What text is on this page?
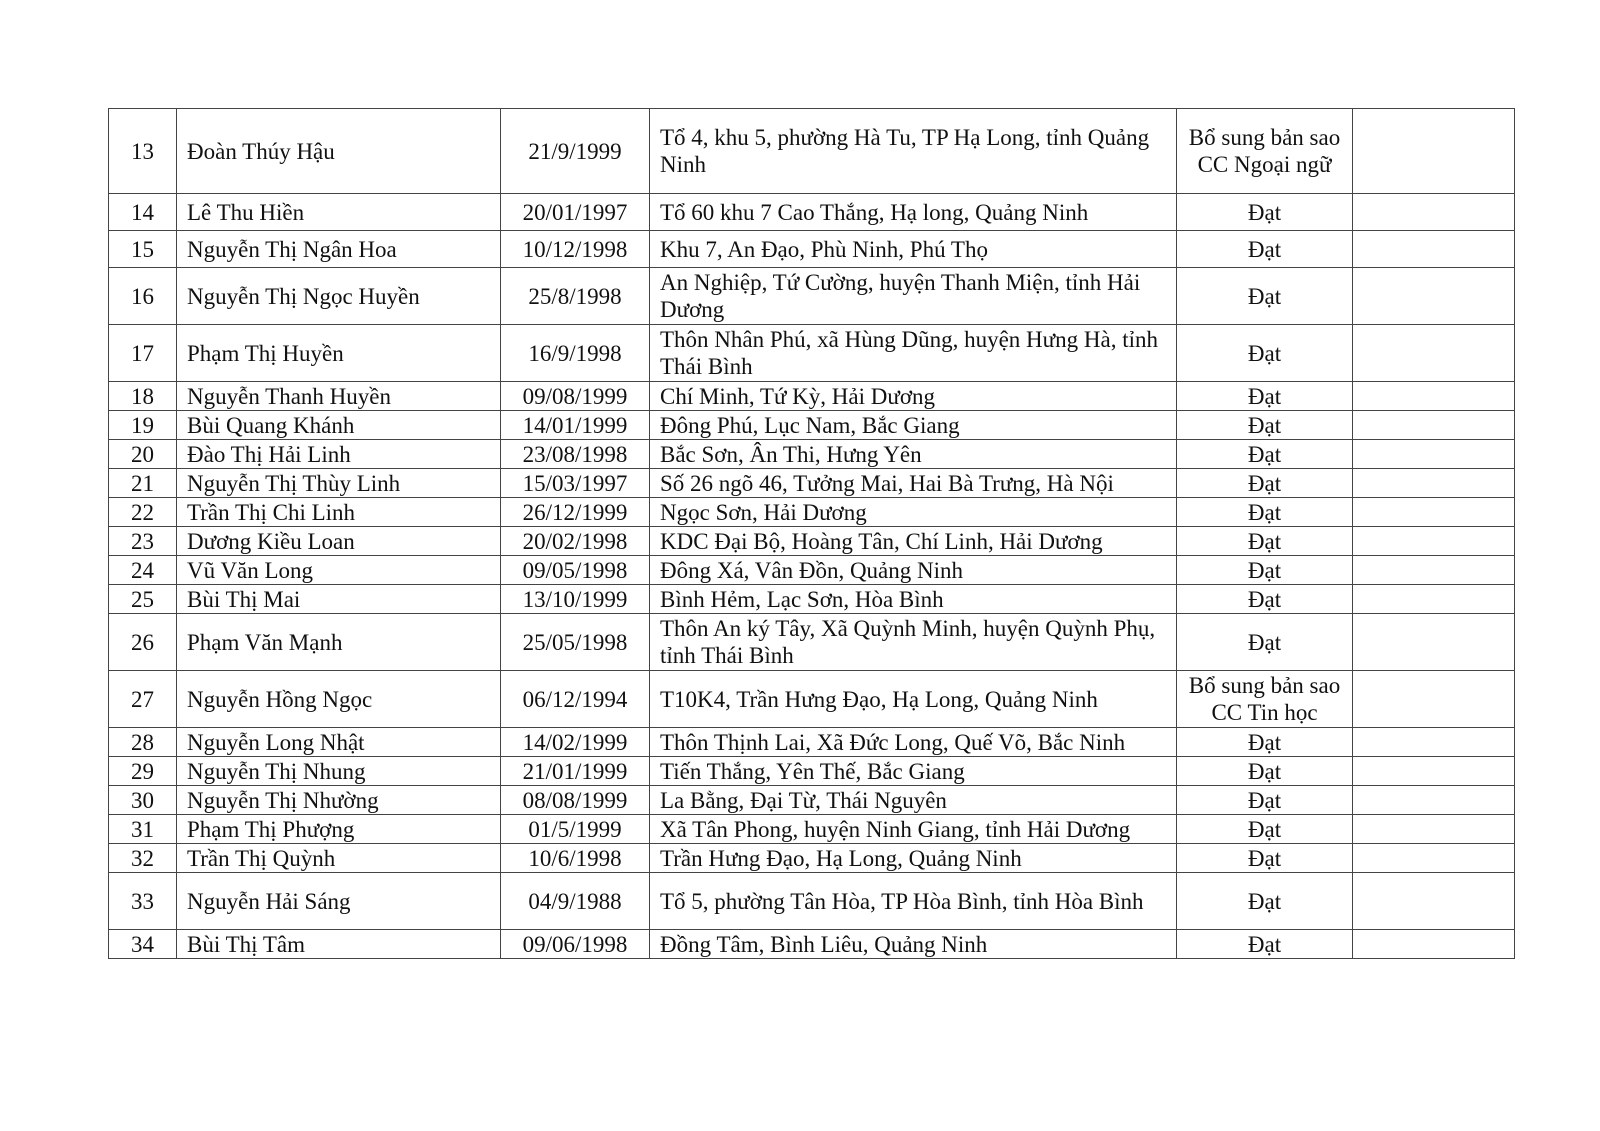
13	Đoàn Thúy Hậu	21/9/1999	Tổ 4, khu 5, phường Hà Tu, TP Hạ Long, tỉnh Quảng Ninh	Bổ sung bản sao CC Ngoại ngữ	
14	Lê Thu Hiền	20/01/1997	Tổ 60 khu 7 Cao Thắng, Hạ long, Quảng Ninh	Đạt	
15	Nguyễn Thị Ngân Hoa	10/12/1998	Khu 7, An Đạo, Phù Ninh, Phú Thọ	Đạt	
16	Nguyễn Thị Ngọc Huyền	25/8/1998	An Nghiệp, Tứ Cường, huyện Thanh Miện, tỉnh Hải Dương	Đạt	
17	Phạm Thị Huyền	16/9/1998	Thôn Nhân Phú, xã Hùng Dũng, huyện Hưng Hà, tỉnh Thái Bình	Đạt	
18	Nguyễn Thanh Huyền	09/08/1999	Chí Minh, Tứ Kỳ, Hải Dương	Đạt	
19	Bùi Quang Khánh	14/01/1999	Đông Phú, Lục Nam, Bắc Giang	Đạt	
20	Đào Thị Hải Linh	23/08/1998	Bắc Sơn, Ân Thi, Hưng Yên	Đạt	
21	Nguyễn Thị Thùy Linh	15/03/1997	Số 26 ngõ 46, Tưởng Mai, Hai Bà Trưng, Hà Nội	Đạt	
22	Trần Thị Chi Linh	26/12/1999	Ngọc Sơn, Hải Dương	Đạt	
23	Dương Kiều Loan	20/02/1998	KDC Đại Bộ, Hoàng Tân, Chí Linh, Hải Dương	Đạt	
24	Vũ Văn Long	09/05/1998	Đông Xá, Vân Đồn, Quảng Ninh	Đạt	
25	Bùi Thị Mai	13/10/1999	Bình Hẻm, Lạc Sơn, Hòa Bình	Đạt	
26	Phạm Văn Mạnh	25/05/1998	Thôn An ký Tây, Xã Quỳnh Minh, huyện Quỳnh Phụ, tỉnh Thái Bình	Đạt	
27	Nguyễn Hồng Ngọc	06/12/1994	T10K4, Trần Hưng Đạo, Hạ Long, Quảng Ninh	Bổ sung bản sao CC Tin học	
28	Nguyễn Long Nhật	14/02/1999	Thôn Thịnh Lai, Xã Đức Long, Quế Võ, Bắc Ninh	Đạt	
29	Nguyễn Thị Nhung	21/01/1999	Tiến Thắng, Yên Thế, Bắc Giang	Đạt	
30	Nguyễn Thị Nhường	08/08/1999	La Bằng, Đại Từ, Thái Nguyên	Đạt	
31	Phạm Thị Phượng	01/5/1999	Xã Tân Phong, huyện Ninh Giang, tỉnh Hải Dương	Đạt	
32	Trần Thị Quỳnh	10/6/1998	Trần Hưng Đạo, Hạ Long, Quảng Ninh	Đạt	
33	Nguyễn Hải Sáng	04/9/1988	Tổ 5, phường Tân Hòa, TP Hòa Bình, tỉnh Hòa Bình	Đạt	
34	Bùi Thị Tâm	09/06/1998	Đồng Tâm, Bình Liêu, Quảng Ninh	Đạt	
